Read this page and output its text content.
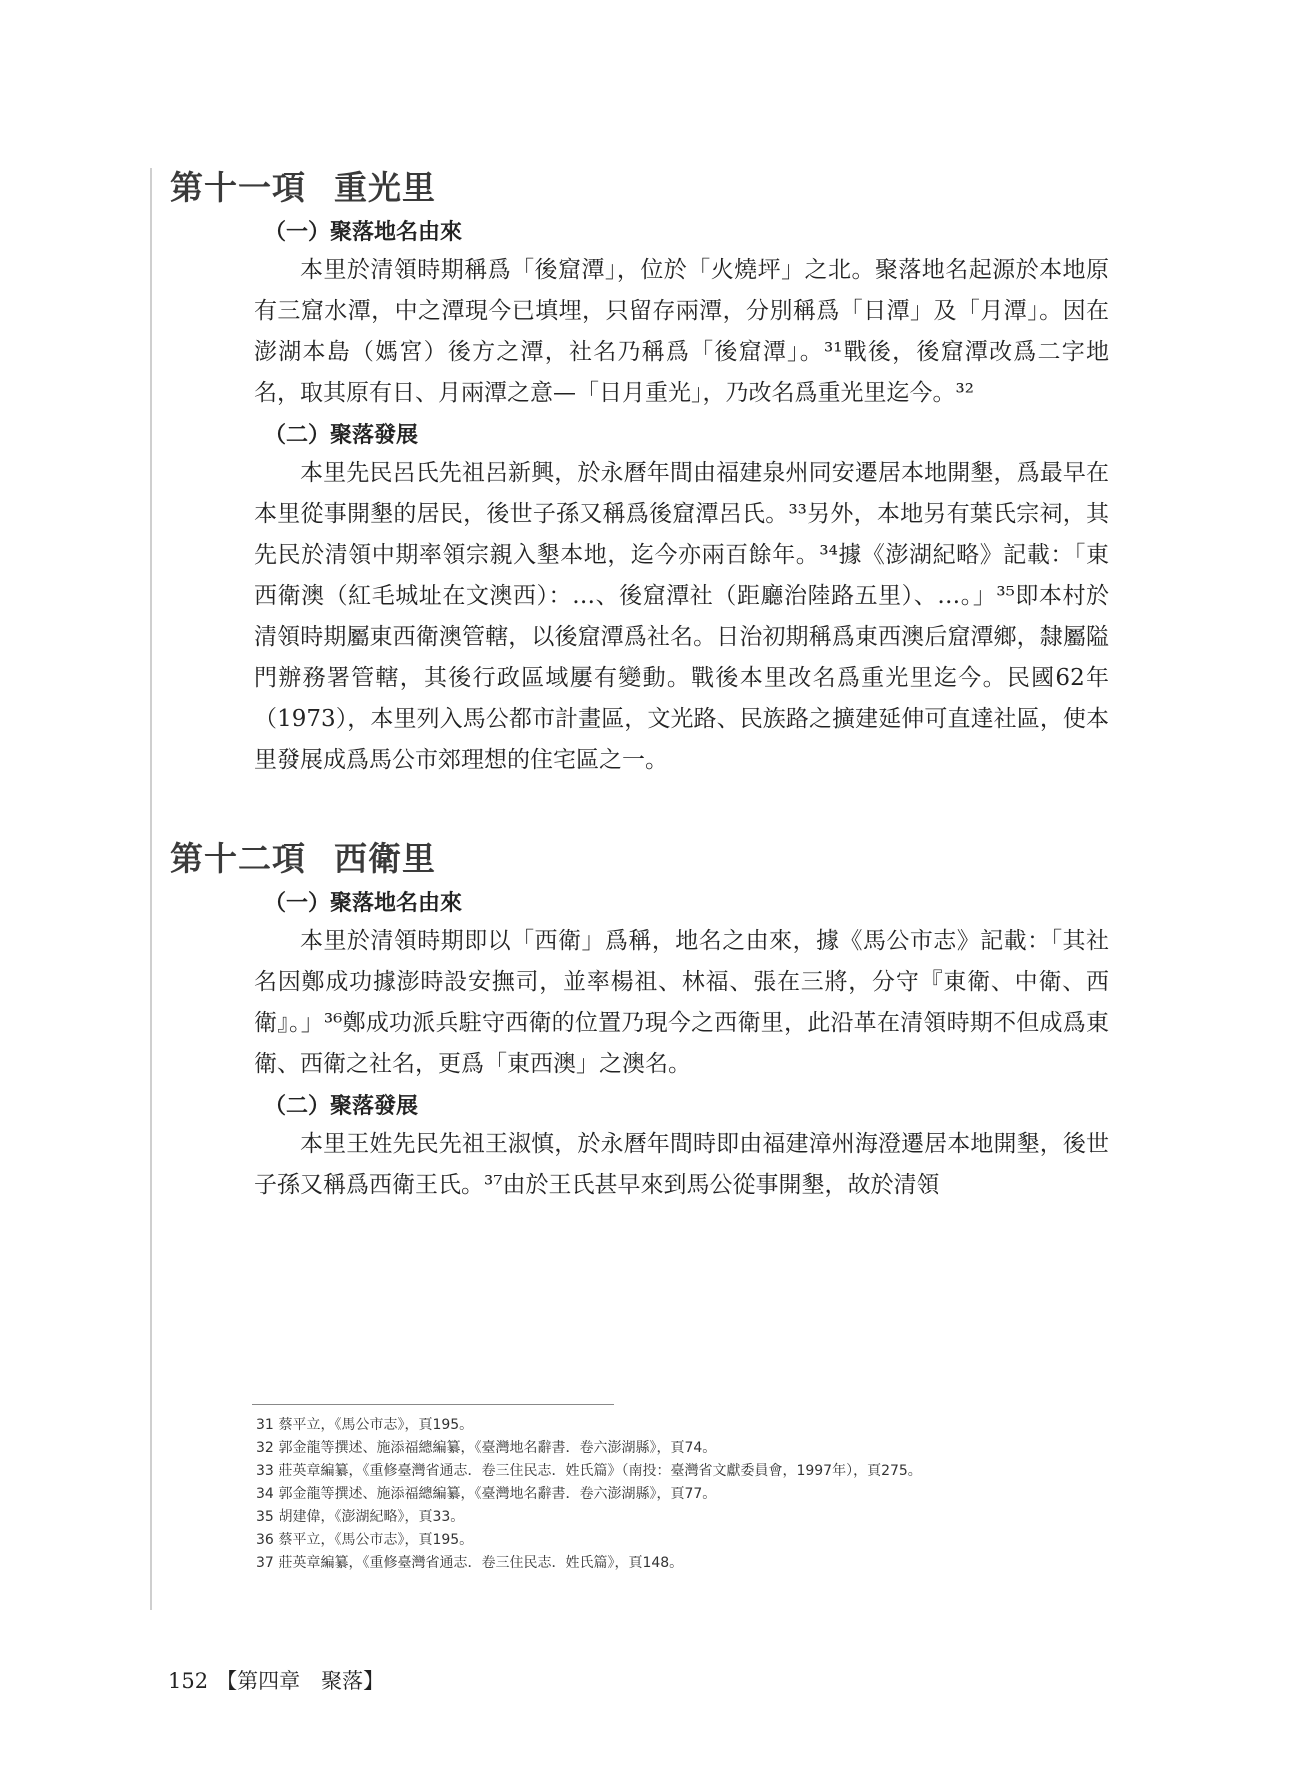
第十一項 重光里
（一）聚落地名由來

本里於清領時期稱爲「後窟潭」，位於「火燒坪」之北。聚落地名起源於本地原有三窟水潭，中之潭現今已填埋，只留存兩潭，分別稱爲「日潭」及「月潭」。因在澎湖本島（媽宮）後方之潭，社名乃稱爲「後窟潭」。³¹戰後，後窟潭改爲二字地名，取其原有日、月兩潭之意—「日月重光」，乃改名爲重光里迄今。³²

（二）聚落發展

本里先民呂氏先祖呂新興，於永曆年間由福建泉州同安遷居本地開墾，爲最早在本里從事開墾的居民，後世子孫又稱爲後窟潭呂氏。³³另外，本地另有葉氏宗祠，其先民於清領中期率領宗親入墾本地，迄今亦兩百餘年。³⁴據《澎湖紀略》記載：「東西衛澳（紅毛城址在文澳西）：…、後窟潭社（距廳治陸路五里）、…。」³⁵即本村於清領時期屬東西衛澳管轄，以後窟潭爲社名。日治初期稱爲東西澳后窟潭鄉，隸屬隘門辦務署管轄，其後行政區域屢有變動。戰後本里改名爲重光里迄今。民國62年（1973），本里列入馬公都市計畫區，文光路、民族路之擴建延伸可直達社區，使本里發展成爲馬公市郊理想的住宅區之一。

第十二項 西衛里
（一）聚落地名由來

本里於清領時期即以「西衛」爲稱，地名之由來，據《馬公市志》記載：「其社名因鄭成功據澎時設安撫司，並率楊祖、林福、張在三將，分守『東衛、中衛、西衛』。」³⁶鄭成功派兵駐守西衛的位置乃現今之西衛里，此沿革在清領時期不但成爲東衛、西衛之社名，更爲「東西澳」之澳名。

（二）聚落發展

本里王姓先民先祖王淑慎，於永曆年間時即由福建漳州海澄遷居本地開墾，後世子孫又稱爲西衛王氏。³⁷由於王氏甚早來到馬公從事開墾，故於清領

31 蔡平立，《馬公市志》，頁195。
32 郭金龍等撰述、施添福總編纂，《臺灣地名辭書．卷六澎湖縣》，頁74。
33 莊英章編纂，《重修臺灣省通志．卷三住民志．姓氏篇》（南投：臺灣省文獻委員會，1997年），頁275。
34 郭金龍等撰述、施添福總編纂，《臺灣地名辭書．卷六澎湖縣》，頁77。
35 胡建偉，《澎湖紀略》，頁33。
36 蔡平立，《馬公市志》，頁195。
37 莊英章編纂，《重修臺灣省通志．卷三住民志．姓氏篇》，頁148。
152 【第四章　聚落】
